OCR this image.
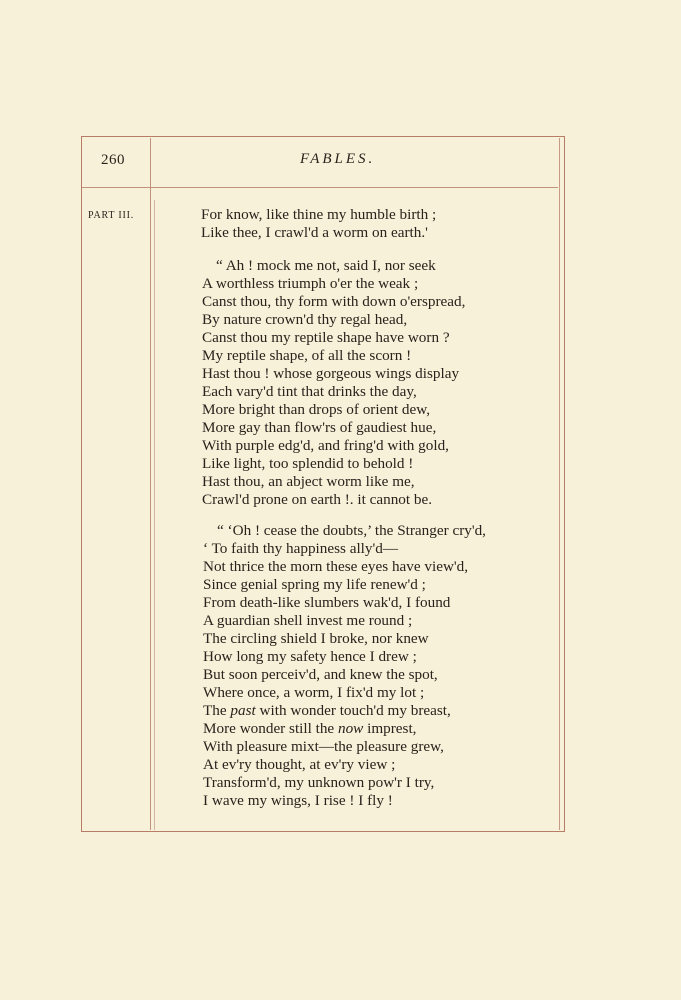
260	FABLES.
PART III.	For know, like thine my humble birth ;
Like thee, I crawl'd a worm on earth.'
“ Ah ! mock me not, said I, nor seek
A worthless triumph o'er the weak ;
Canst thou, thy form with down o'erspread,
By nature crown'd thy regal head,
Canst thou my reptile shape have worn ?
My reptile shape, of all the scorn !
Hast thou ! whose gorgeous wings display
Each vary'd tint that drinks the day,
More bright than drops of orient dew,
More gay than flow'rs of gaudiest hue,
With purple edg'd, and fring'd with gold,
Like light, too splendid to behold !
Hast thou, an abject worm like me,
Crawl'd prone on earth !. it cannot be.
“ ‘Oh ! cease the doubts,’ the Stranger cry'd,
‘ To faith thy happiness ally'd—
Not thrice the morn these eyes have view'd,
Since genial spring my life renew'd ;
From death-like slumbers wak'd, I found
A guardian shell invest me round ;
The circling shield I broke, nor knew
How long my safety hence I drew ;
But soon perceiv'd, and knew the spot,
Where once, a worm, I fix'd my lot ;
The past with wonder touch'd my breast,
More wonder still the now imprest,
With pleasure mixt—the pleasure grew,
At ev'ry thought, at ev'ry view ;
Transform'd, my unknown pow'r I try,
I wave my wings, I rise ! I fly !
